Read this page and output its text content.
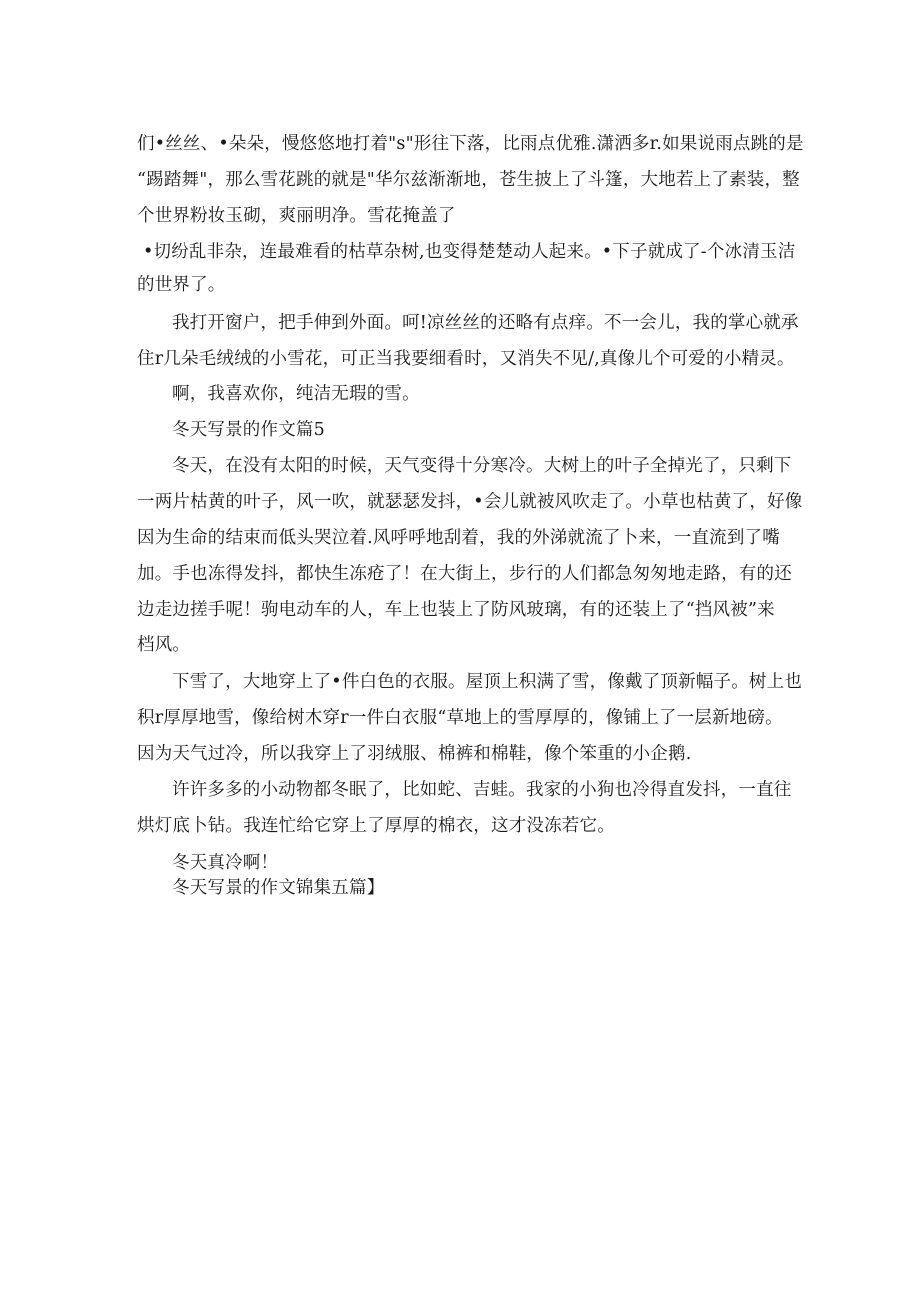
们•丝丝、•朵朵，慢悠悠地打着"s"形往下落，比雨点优雅.潇洒多r.如果说雨点跳的是
“踢踏舞"，那么雪花跳的就是"华尔兹渐渐地，苍生披上了斗篷，大地若上了素装，整
个世界粉妆玉砌，爽丽明净。雪花掩盖了
•切纷乱非杂，连最难看的枯草杂树,也变得楚楚动人起来。•下子就成了-个冰清玉洁
的世界了。
我打开窗户，把手伸到外面。呵!凉丝丝的还略有点痒。不一会儿，我的掌心就承
住r几朵毛绒绒的小雪花，可正当我要细看时，又消失不见/,真像儿个可爱的小精灵。
啊，我喜欢你，纯洁无瑕的雪。
冬天写景的作文篇5
冬天，在没有太阳的时候，天气变得十分寒冷。大树上的叶子全掉光了，只剩下
一两片枯黄的叶子，风一吹，就瑟瑟发抖，•会儿就被风吹走了。小草也枯黄了，好像
因为生命的结束而低头哭泣着.风呼呼地刮着，我的外涕就流了卜来，一直流到了嘴
加。手也冻得发抖，都快生冻疮了！在大街上，步行的人们都急匆匆地走路，有的还
边走边搓手呢！驹电动车的人，车上也装上了防风玻璃，有的还装上了“挡风被”来
档风。
下雪了，大地穿上了•件白色的衣服。屋顶上积满了雪，像戴了顶新幅子。树上也
积r厚厚地雪，像给树木穿r一件白衣服“草地上的雪厚厚的，像铺上了一层新地磅。
因为天气过冷，所以我穿上了羽绒服、棉裤和棉鞋，像个笨重的小企鹅.
许许多多的小动物都冬眠了，比如蛇、吉蛙。我家的小狗也冷得直发抖，一直往
烘灯底卜钻。我连忙给它穿上了厚厚的棉衣，这才没冻若它。
冬天真冷啊！
冬天写景的作文锦集五篇】
